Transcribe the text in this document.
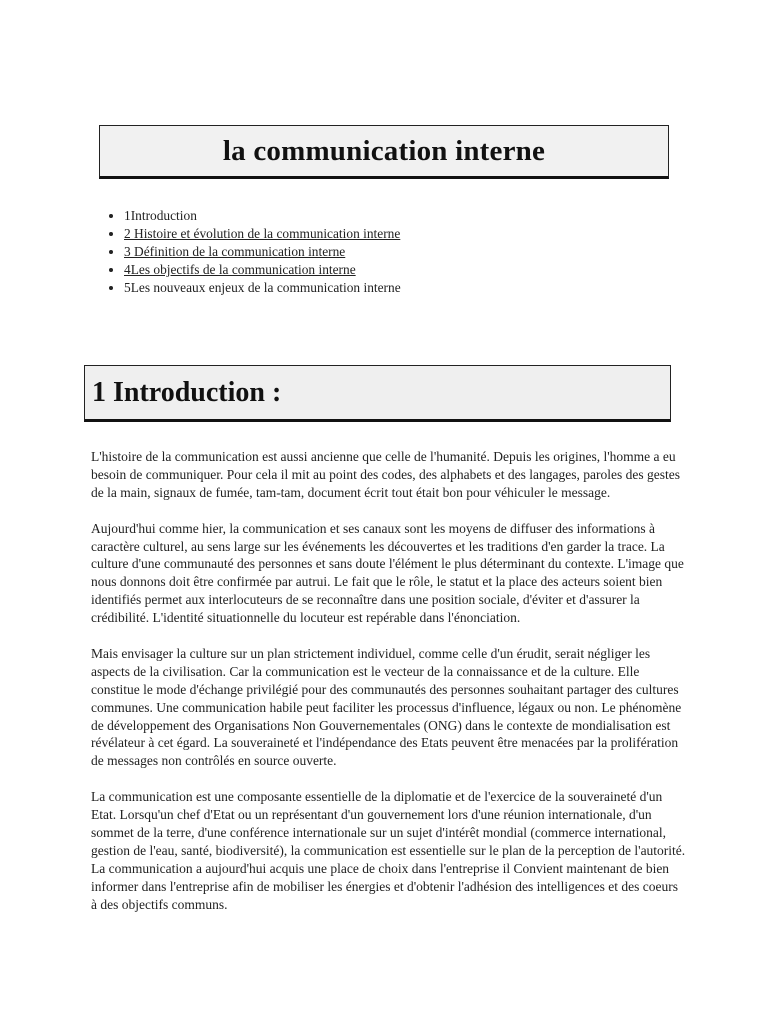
la communication interne
• 1Introduction
• 2 Histoire et évolution de la communication interne
• 3 Définition de la communication interne
• 4Les objectifs de la communication interne
• 5Les nouveaux enjeux de la communication interne
1 Introduction :

L'histoire de la communication est aussi ancienne que celle de l'humanité. Depuis les origines, l'homme a eu besoin de communiquer. Pour cela il mit au point des codes, des alphabets et des langages, paroles des gestes de la main, signaux de fumée, tam-tam, document écrit tout était bon pour véhiculer le message.

Aujourd'hui comme hier, la communication et ses canaux sont les moyens de diffuser des informations à caractère culturel, au sens large sur les événements les découvertes et les traditions d'en garder la trace. La culture d'une communauté des personnes et sans doute l'élément le plus déterminant du contexte. L'image que nous donnons doit être confirmée par autrui. Le fait que le rôle, le statut et la place des acteurs soient bien identifiés permet aux interlocuteurs de se reconnaître dans une position sociale, d'éviter et d'assurer la crédibilité. L'identité situationnelle du locuteur est repérable dans l'énonciation.

Mais envisager la culture sur un plan strictement individuel, comme celle d'un érudit, serait négliger les aspects de la civilisation. Car la communication est le vecteur de la connaissance et de la culture. Elle constitue le mode d'échange privilégié pour des communautés des personnes souhaitant partager des cultures communes. Une communication habile peut faciliter les processus d'influence, légaux ou non. Le phénomène de développement des Organisations Non Gouvernementales (ONG) dans le contexte de mondialisation est révélateur à cet égard. La souveraineté et l'indépendance des Etats peuvent être menacées par la prolifération de messages non contrôlés en source ouverte.

La communication est une composante essentielle de la diplomatie et de l'exercice de la souveraineté d'un Etat. Lorsqu'un chef d'Etat ou un représentant d'un gouvernement lors d'une réunion internationale, d'un sommet de la terre, d'une conférence internationale sur un sujet d'intérêt mondial (commerce international, gestion de l'eau, santé, biodiversité), la communication est essentielle sur le plan de la perception de l'autorité. La communication a aujourd'hui acquis une place de choix dans l'entreprise il Convient maintenant de bien informer dans l'entreprise afin de mobiliser les énergies et d'obtenir l'adhésion des intelligences et des coeurs à des objectifs communs.
